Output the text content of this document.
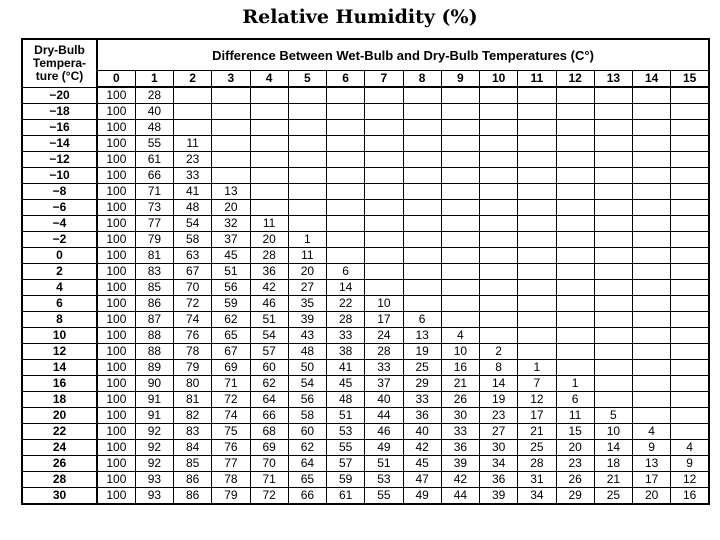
Relative Humidity (%)
Dry-Bulb Tempera- ture (°C)	Difference Between Wet-Bulb and Dry-Bulb Temperatures (C°)															
	0	1	2	3	4	5	6	7	8	9	10	11	12	13	14	15
−20	100	28														
−18	100	40														
−16	100	48														
−14	100	55	11													
−12	100	61	23													
−10	100	66	33													
−8	100	71	41	13												
−6	100	73	48	20												
−4	100	77	54	32	11											
−2	100	79	58	37	20	1										
0	100	81	63	45	28	11										
2	100	83	67	51	36	20	6									
4	100	85	70	56	42	27	14									
6	100	86	72	59	46	35	22	10								
8	100	87	74	62	51	39	28	17	6							
10	100	88	76	65	54	43	33	24	13	4						
12	100	88	78	67	57	48	38	28	19	10	2					
14	100	89	79	69	60	50	41	33	25	16	8	1				
16	100	90	80	71	62	54	45	37	29	21	14	7	1			
18	100	91	81	72	64	56	48	40	33	26	19	12	6			
20	100	91	82	74	66	58	51	44	36	30	23	17	11	5		
22	100	92	83	75	68	60	53	46	40	33	27	21	15	10	4	
24	100	92	84	76	69	62	55	49	42	36	30	25	20	14	9	4
26	100	92	85	77	70	64	57	51	45	39	34	28	23	18	13	9
28	100	93	86	78	71	65	59	53	47	42	36	31	26	21	17	12
30	100	93	86	79	72	66	61	55	49	44	39	34	29	25	20	16
